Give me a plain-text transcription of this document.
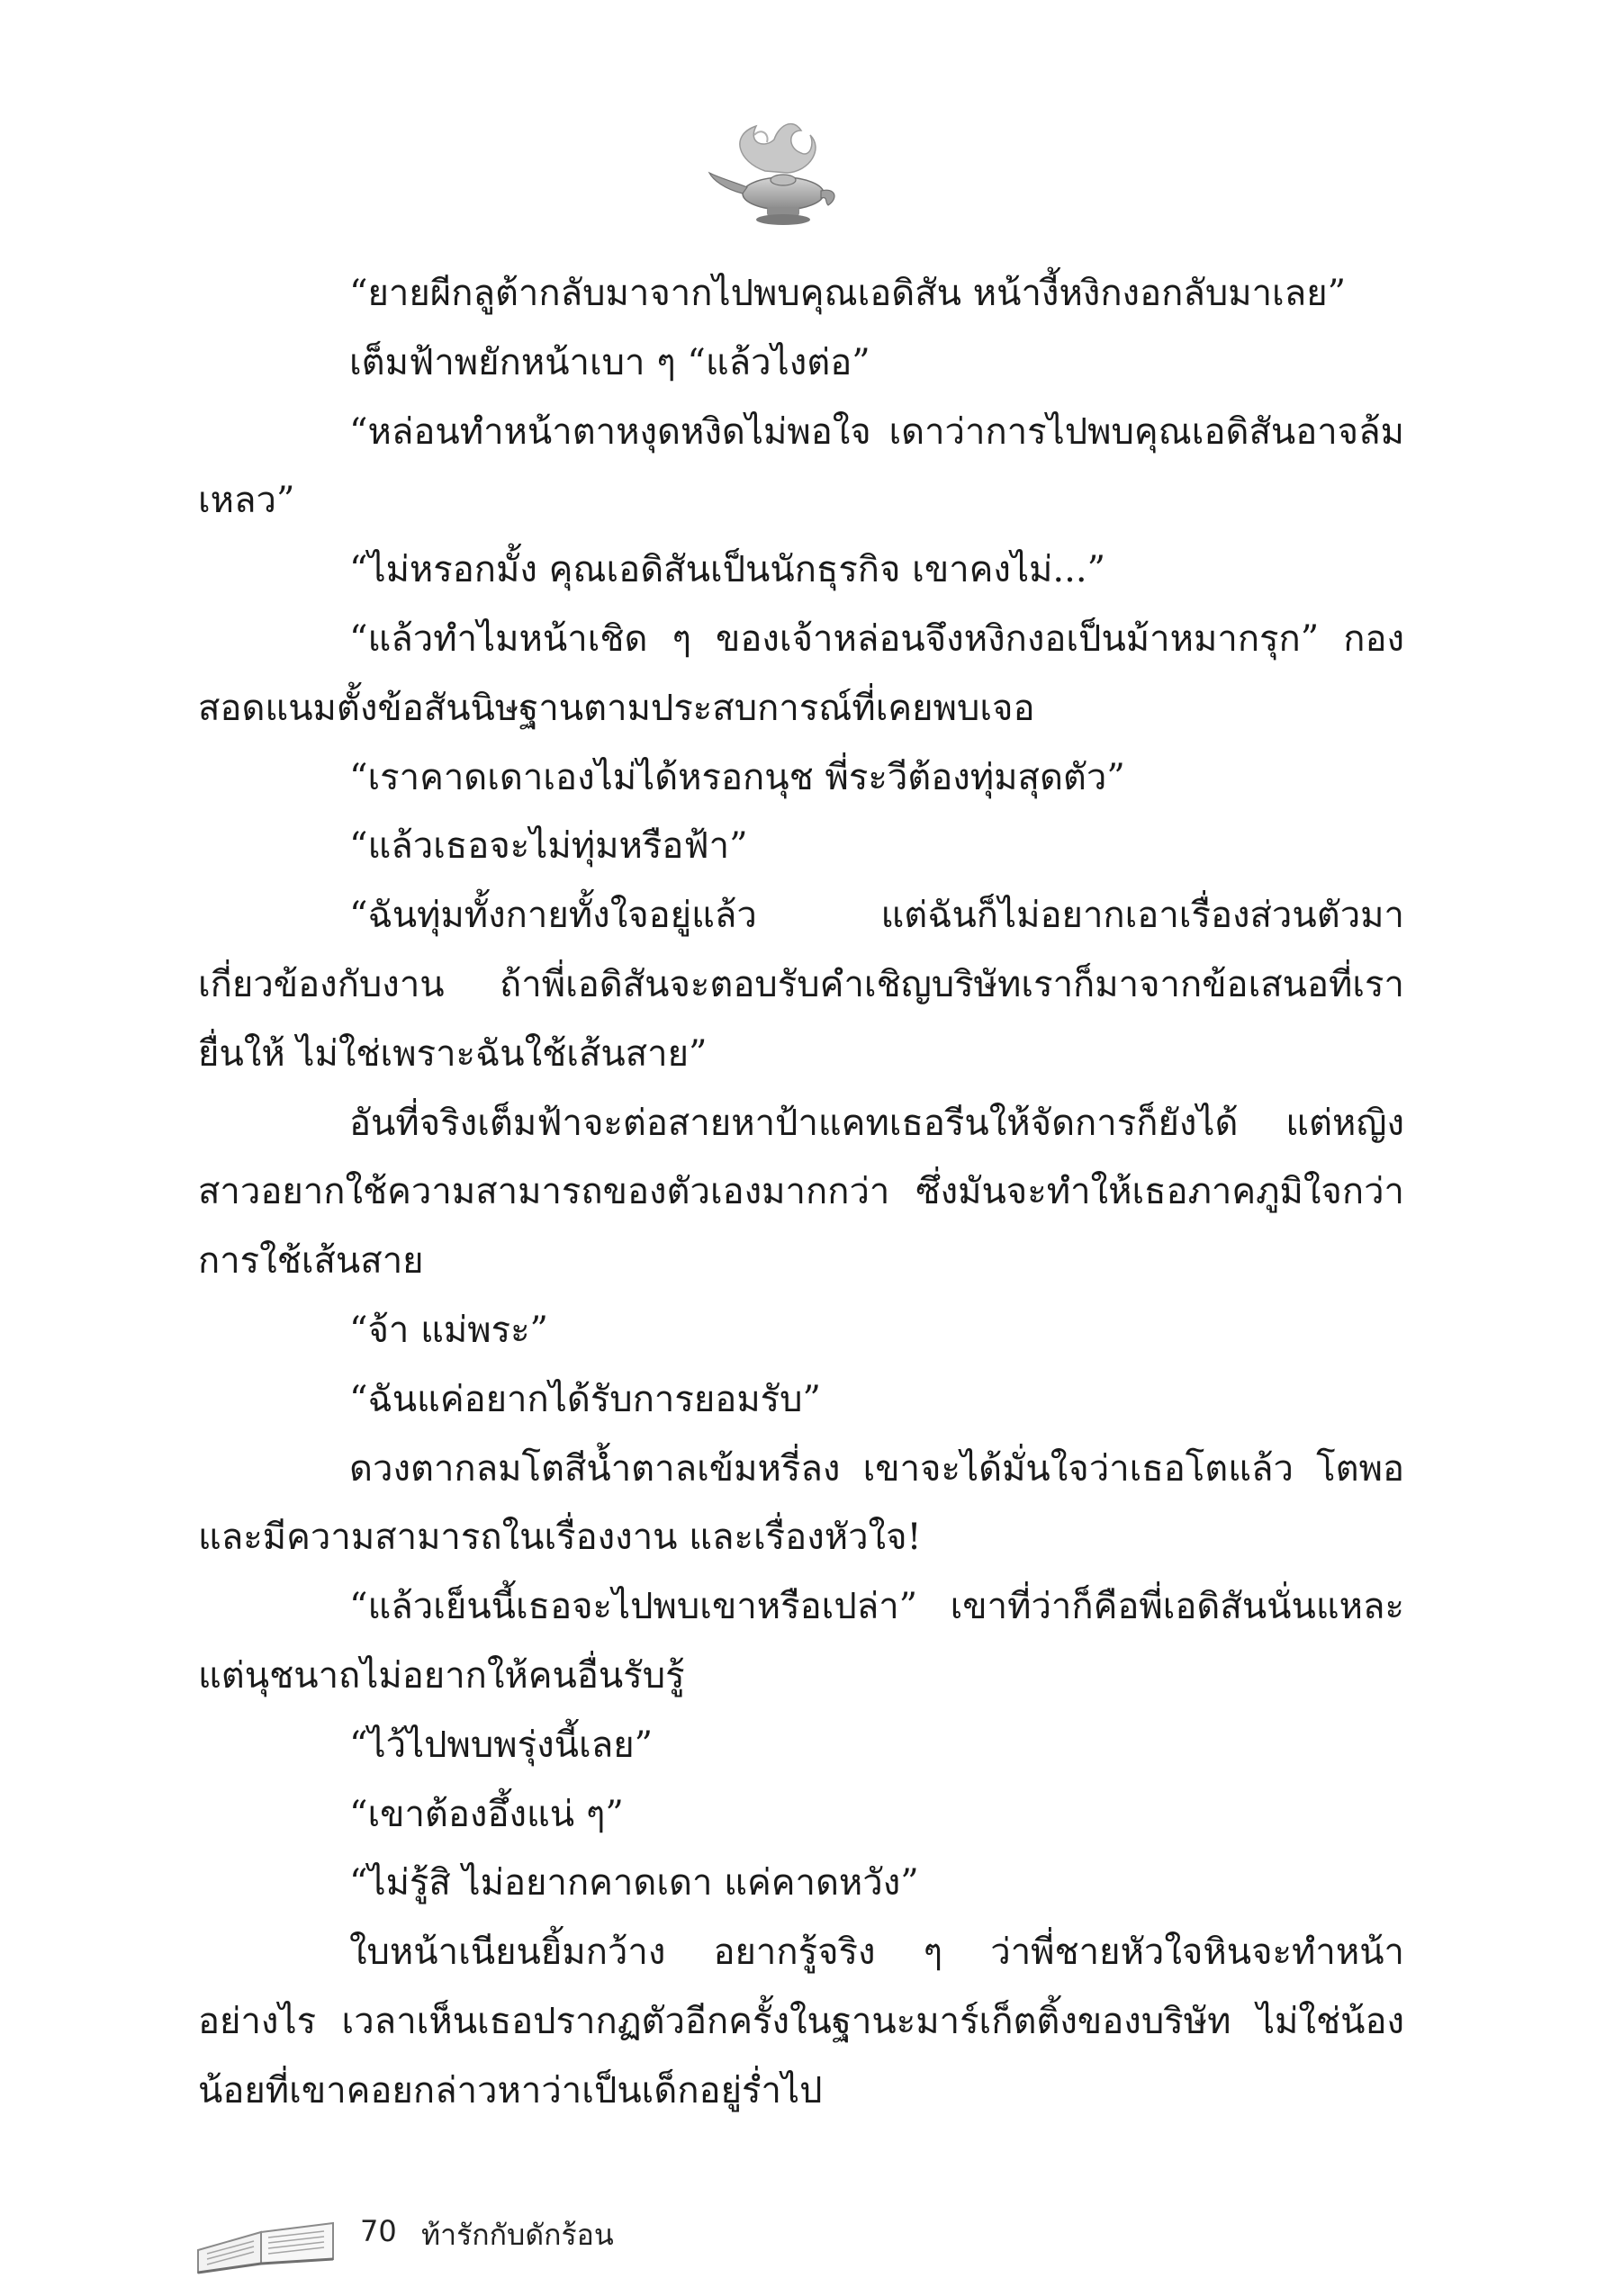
“ยายผีกลูต้ากลับมาจากไปพบคุณเอดิสัน หน้างี้หงิกงอกลับมาเลย”

เต็มฟ้าพยักหน้าเบา ๆ “แล้วไงต่อ”

“หล่อนทำหน้าตาหงุดหงิดไม่พอใจ เดาว่าการไปพบคุณเอดิสันอาจล้มเหลว”

“ไม่หรอกมั้ง คุณเอดิสันเป็นนักธุรกิจ เขาคงไม่...”

“แล้วทำไมหน้าเชิด ๆ ของเจ้าหล่อนจึงหงิกงอเป็นม้าหมากรุก” กองสอดแนมตั้งข้อสันนิษฐานตามประสบการณ์ที่เคยพบเจอ

“เราคาดเดาเองไม่ได้หรอกนุช พี่ระวีต้องทุ่มสุดตัว”

“แล้วเธอจะไม่ทุ่มหรือฟ้า”

“ฉันทุ่มทั้งกายทั้งใจอยู่แล้ว แต่ฉันก็ไม่อยากเอาเรื่องส่วนตัวมาเกี่ยวข้องกับงาน ถ้าพี่เอดิสันจะตอบรับคำเชิญบริษัทเราก็มาจากข้อเสนอที่เรายื่นให้ ไม่ใช่เพราะฉันใช้เส้นสาย”

อันที่จริงเต็มฟ้าจะต่อสายหาป้าแคทเธอรีนให้จัดการก็ยังได้ แต่หญิงสาวอยากใช้ความสามารถของตัวเองมากกว่า ซึ่งมันจะทำให้เธอภาคภูมิใจกว่าการใช้เส้นสาย

“จ้า แม่พระ”

“ฉันแค่อยากได้รับการยอมรับ”

ดวงตากลมโตสีน้ำตาลเข้มหรี่ลง เขาจะได้มั่นใจว่าเธอโตแล้ว โตพอและมีความสามารถในเรื่องงาน และเรื่องหัวใจ!

“แล้วเย็นนี้เธอจะไปพบเขาหรือเปล่า” เขาที่ว่าก็คือพี่เอดิสันนั่นแหละ แต่นุชนาถไม่อยากให้คนอื่นรับรู้

“ไว้ไปพบพรุ่งนี้เลย”

“เขาต้องอึ้งแน่ ๆ”

“ไม่รู้สิ ไม่อยากคาดเดา แค่คาดหวัง”

ใบหน้าเนียนยิ้มกว้าง อยากรู้จริง ๆ ว่าพี่ชายหัวใจหินจะทำหน้าอย่างไร เวลาเห็นเธอปรากฏตัวอีกครั้งในฐานะมาร์เก็ตติ้งของบริษัท ไม่ใช่น้องน้อยที่เขาคอยกล่าวหาว่าเป็นเด็กอยู่ร่ำไป

70 ท้ารักกับดักร้อน
